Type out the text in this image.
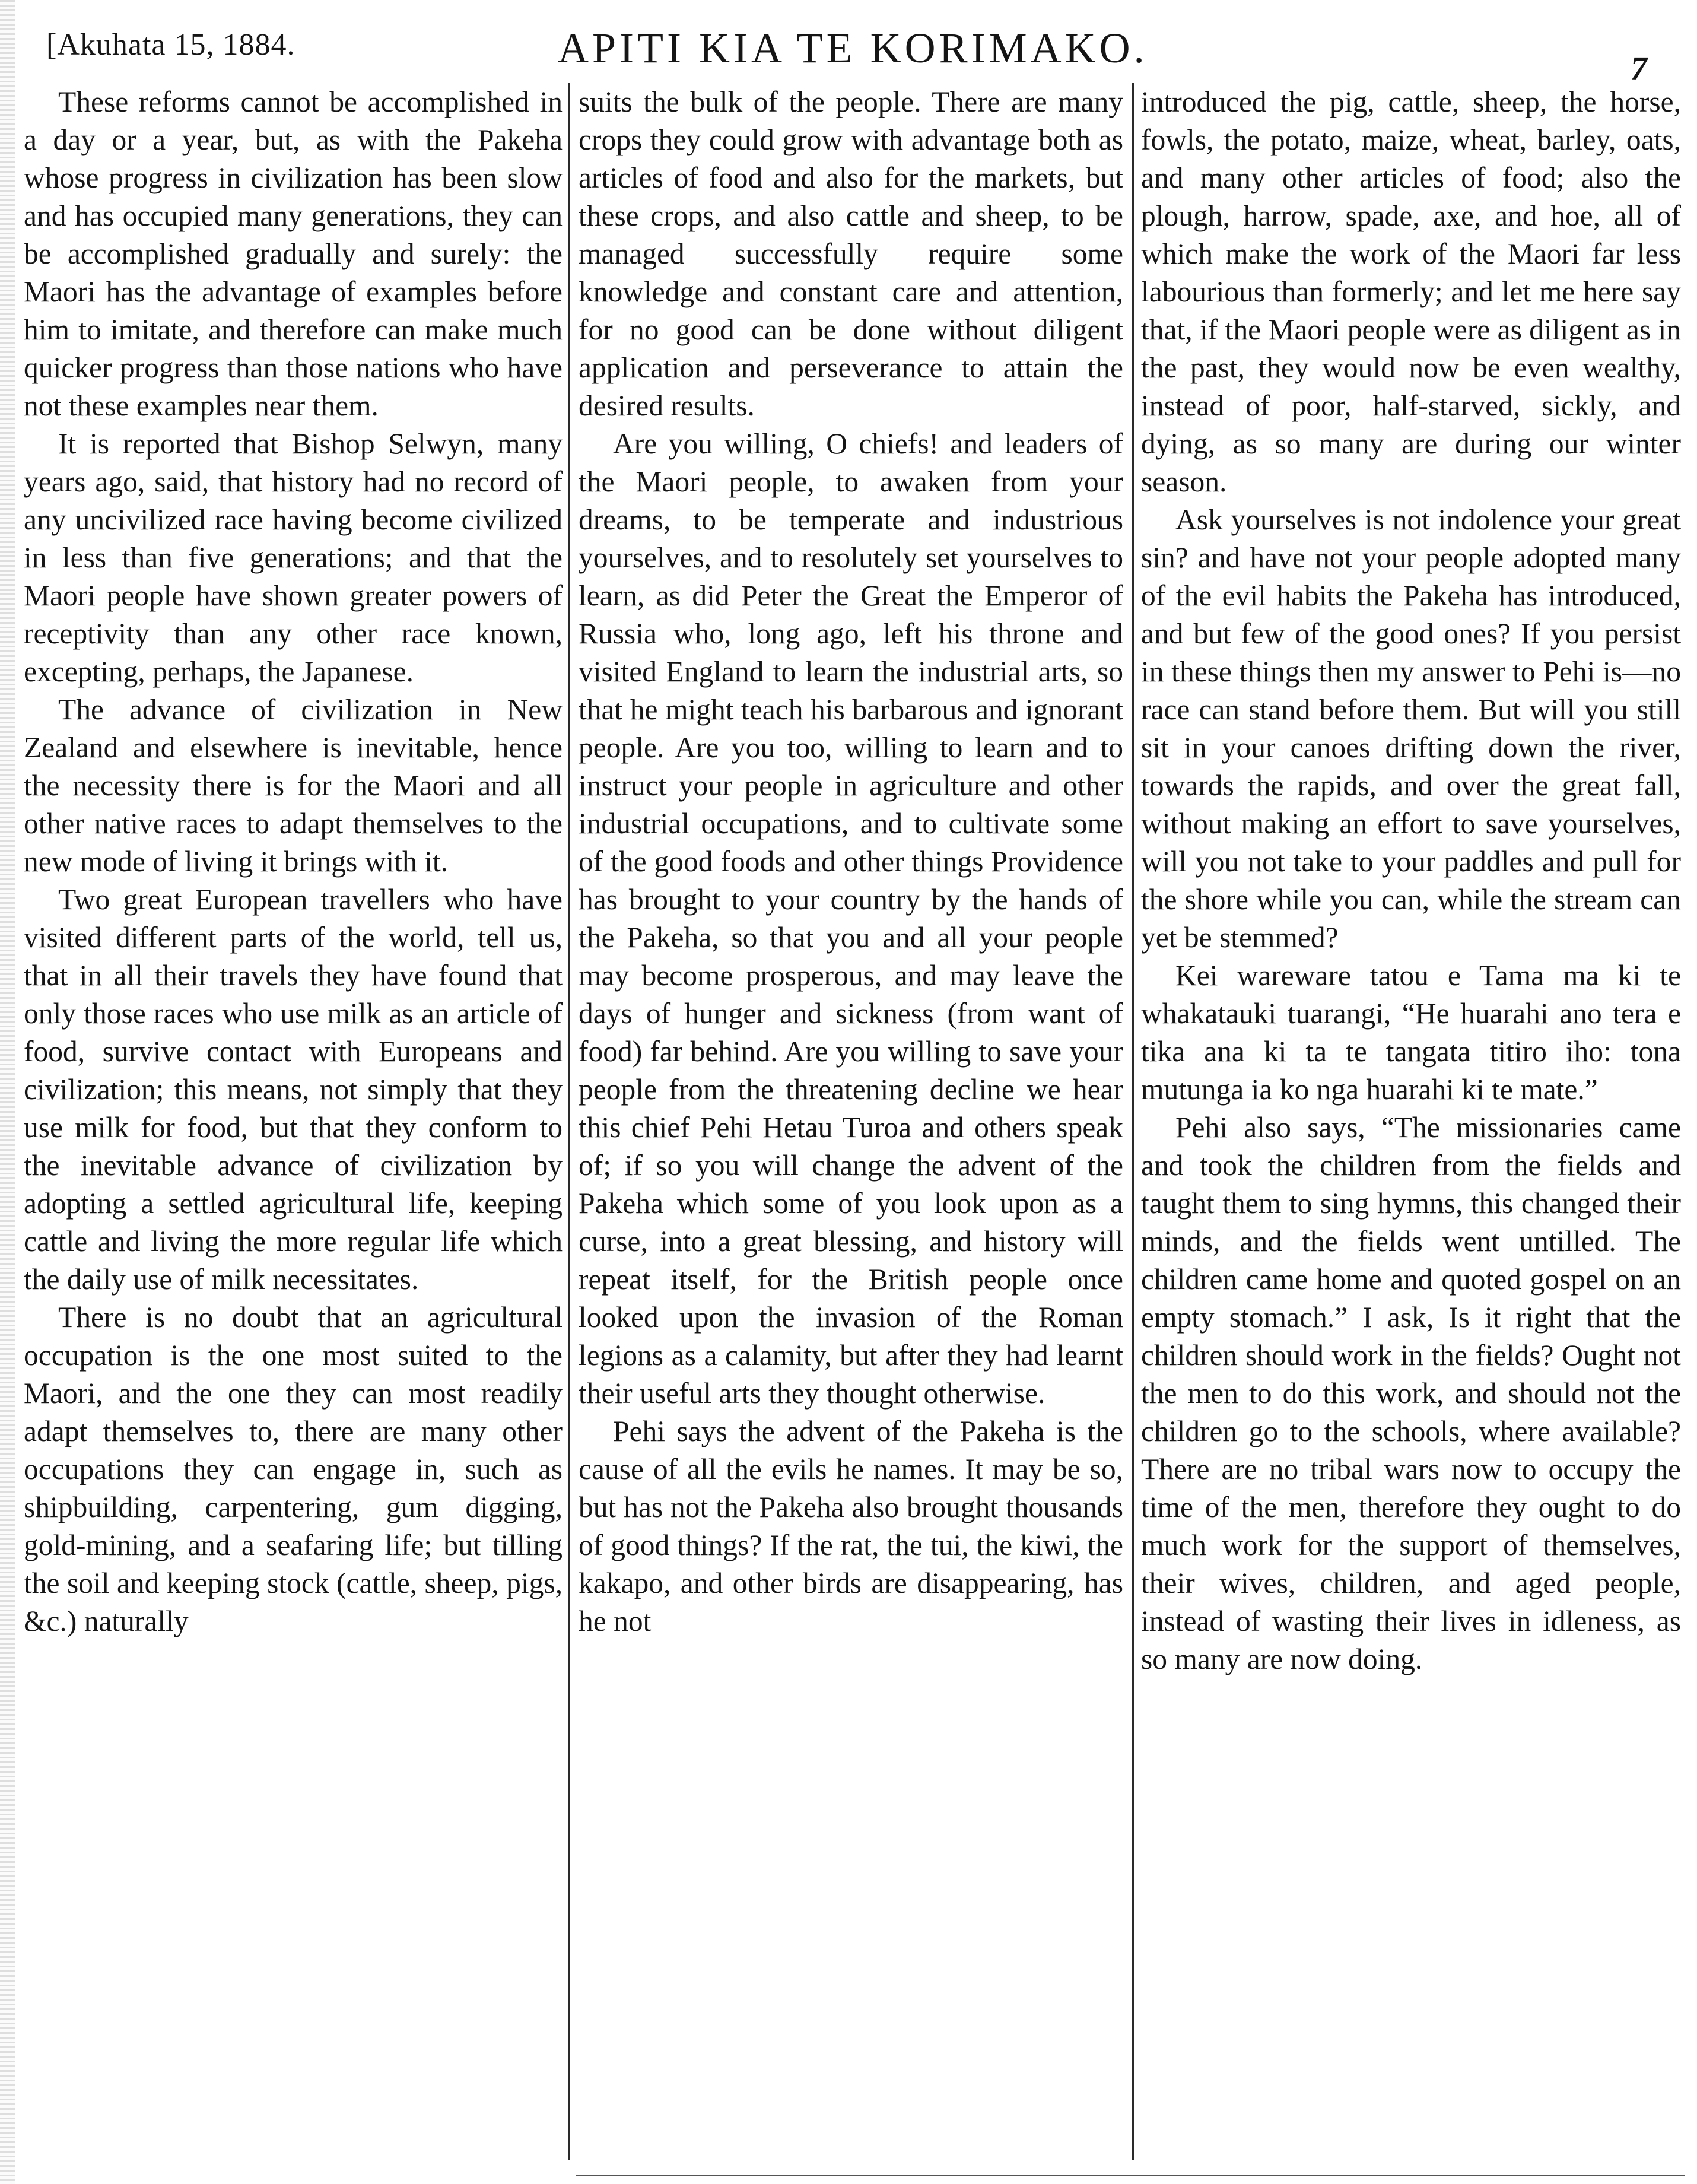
[Akuhata 15, 1884.	APITI KIA TE KORIMAKO.	7

These reforms cannot be accomplished in a day or a year, but, as with the Pakeha whose progress in civilization has been slow and has occupied many generations, they can be accomplished gradually and surely: the Maori has the advantage of examples before him to imitate, and therefore can make much quicker progress than those nations who have not these examples near them.

It is reported that Bishop Selwyn, many years ago, said, that history had no record of any uncivilized race having become civilized in less than five generations; and that the Maori people have shown greater powers of receptivity than any other race known, excepting, perhaps, the Japanese.

The advance of civilization in New Zealand and elsewhere is inevitable, hence the necessity there is for the Maori and all other native races to adapt themselves to the new mode of living it brings with it.

Two great European travellers who have visited different parts of the world, tell us, that in all their travels they have found that only those races who use milk as an article of food, survive contact with Europeans and civilization; this means, not simply that they use milk for food, but that they conform to the inevitable advance of civilization by adopting a settled agricultural life, keeping cattle and living the more regular life which the daily use of milk necessitates.

There is no doubt that an agricultural occupation is the one most suited to the Maori, and the one they can most readily adapt themselves to, there are many other occupations they can engage in, such as shipbuilding, carpentering, gum digging, gold-mining, and a seafaring life; but tilling the soil and keeping stock (cattle, sheep, pigs, &c.) naturally

suits the bulk of the people. There are many crops they could grow with advantage both as articles of food and also for the markets, but these crops, and also cattle and sheep, to be managed successfully require some knowledge and constant care and attention, for no good can be done without diligent application and perseverance to attain the desired results.

Are you willing, O chiefs! and leaders of the Maori people, to awaken from your dreams, to be temperate and industrious yourselves, and to resolutely set yourselves to learn, as did Peter the Great the Emperor of Russia who, long ago, left his throne and visited England to learn the industrial arts, so that he might teach his barbarous and ignorant people. Are you too, willing to learn and to instruct your people in agriculture and other industrial occupations, and to cultivate some of the good foods and other things Providence has brought to your country by the hands of the Pakeha, so that you and all your people may become prosperous, and may leave the days of hunger and sickness (from want of food) far behind. Are you willing to save your people from the threatening decline we hear this chief Pehi Hetau Turoa and others speak of; if so you will change the advent of the Pakeha which some of you look upon as a curse, into a great blessing, and history will repeat itself, for the British people once looked upon the invasion of the Roman legions as a calamity, but after they had learnt their useful arts they thought otherwise.

Pehi says the advent of the Pakeha is the cause of all the evils he names. It may be so, but has not the Pakeha also brought thousands of good things? If the rat, the tui, the kiwi, the kakapo, and other birds are disappearing, has he not

introduced the pig, cattle, sheep, the horse, fowls, the potato, maize, wheat, barley, oats, and many other articles of food; also the plough, harrow, spade, axe, and hoe, all of which make the work of the Maori far less labourious than formerly; and let me here say that, if the Maori people were as diligent as in the past, they would now be even wealthy, instead of poor, half-starved, sickly, and dying, as so many are during our winter season.

Ask yourselves is not indolence your great sin? and have not your people adopted many of the evil habits the Pakeha has introduced, and but few of the good ones? If you persist in these things then my answer to Pehi is—no race can stand before them. But will you still sit in your canoes drifting down the river, towards the rapids, and over the great fall, without making an effort to save yourselves, will you not take to your paddles and pull for the shore while you can, while the stream can yet be stemmed?

Kei wareware tatou e Tama ma ki te whakatauki tuarangi, “He huarahi ano tera e tika ana ki ta te tangata titiro iho: tona mutunga ia ko nga huarahi ki te mate.”

Pehi also says, “The missionaries came and took the children from the fields and taught them to sing hymns, this changed their minds, and the fields went untilled. The children came home and quoted gospel on an empty stomach.” I ask, Is it right that the children should work in the fields? Ought not the men to do this work, and should not the children go to the schools, where available? There are no tribal wars now to occupy the time of the men, therefore they ought to do much work for the support of themselves, their wives, children, and aged people, instead of wasting their lives in idleness, as so many are now doing.
